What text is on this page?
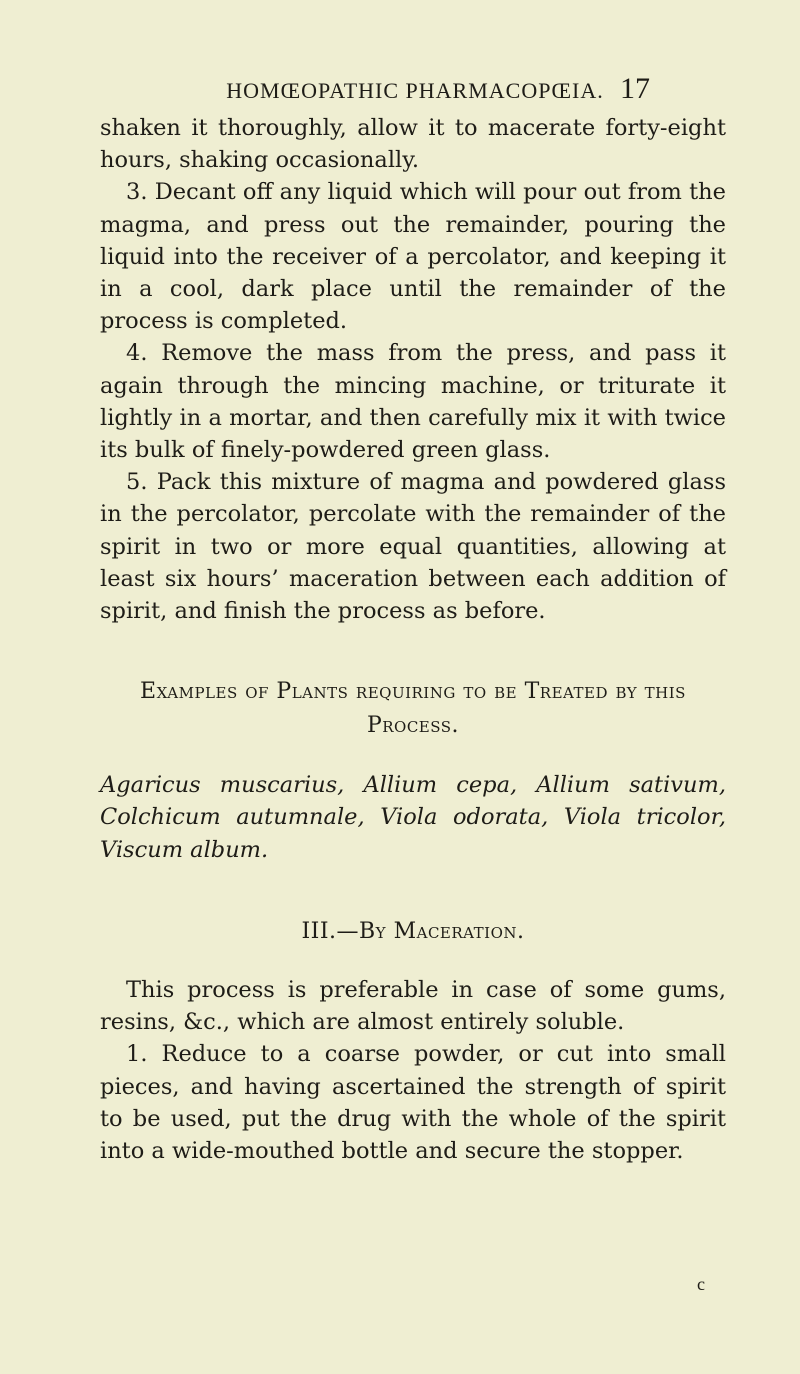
HOMŒOPATHIC PHARMACOPŒIA. 17

shaken it thoroughly, allow it to macerate forty-eight hours, shaking occasionally.

3. Decant off any liquid which will pour out from the magma, and press out the remainder, pouring the liquid into the receiver of a percolator, and keeping it in a cool, dark place until the remainder of the process is completed.

4. Remove the mass from the press, and pass it again through the mincing machine, or triturate it lightly in a mortar, and then carefully mix it with twice its bulk of finely-powdered green glass.

5. Pack this mixture of magma and powdered glass in the percolator, percolate with the remainder of the spirit in two or more equal quantities, allowing at least six hours’ maceration between each addition of spirit, and finish the process as before.

Examples of Plants requiring to be Treated by this Process.

Agaricus muscarius, Allium cepa, Allium sativum, Colchicum autumnale, Viola odorata, Viola tricolor, Viscum album.

III.—By Maceration.

This process is preferable in case of some gums, resins, &c., which are almost entirely soluble.

1. Reduce to a coarse powder, or cut into small pieces, and having ascertained the strength of spirit to be used, put the drug with the whole of the spirit into a wide-mouthed bottle and secure the stopper.

c
